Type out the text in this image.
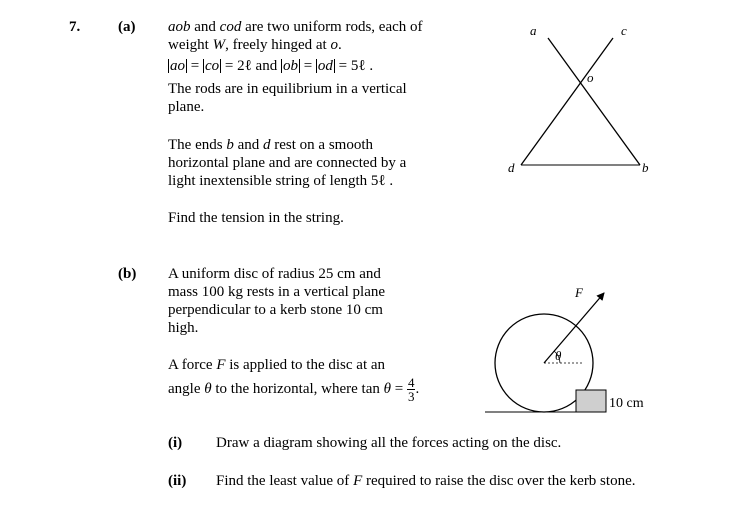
7.	(a) aob and cod are two uniform rods, each of
weight W, freely hinged at o.
ao = co = 2ℓ and ob = od = 5ℓ .
The rods are in equilibrium in a vertical
plane.
The ends b and d rest on a smooth
horizontal plane and are connected by a
light inextensible string of length 5ℓ .
Find the tension in the string.
(b) A uniform disc of radius 25 cm and
mass 100 kg rests in a vertical plane
perpendicular to a kerb stone 10 cm
high.
A force F is applied to the disc at an
angle θ to the horizontal, where $\tan \theta = \frac{4}{3}$ .
(i) Draw a diagram showing all the forces acting on the disc.
(ii) Find the least value of F required to raise the disc over the kerb stone.
a	c
o
d	b
θ
F
10 cm
